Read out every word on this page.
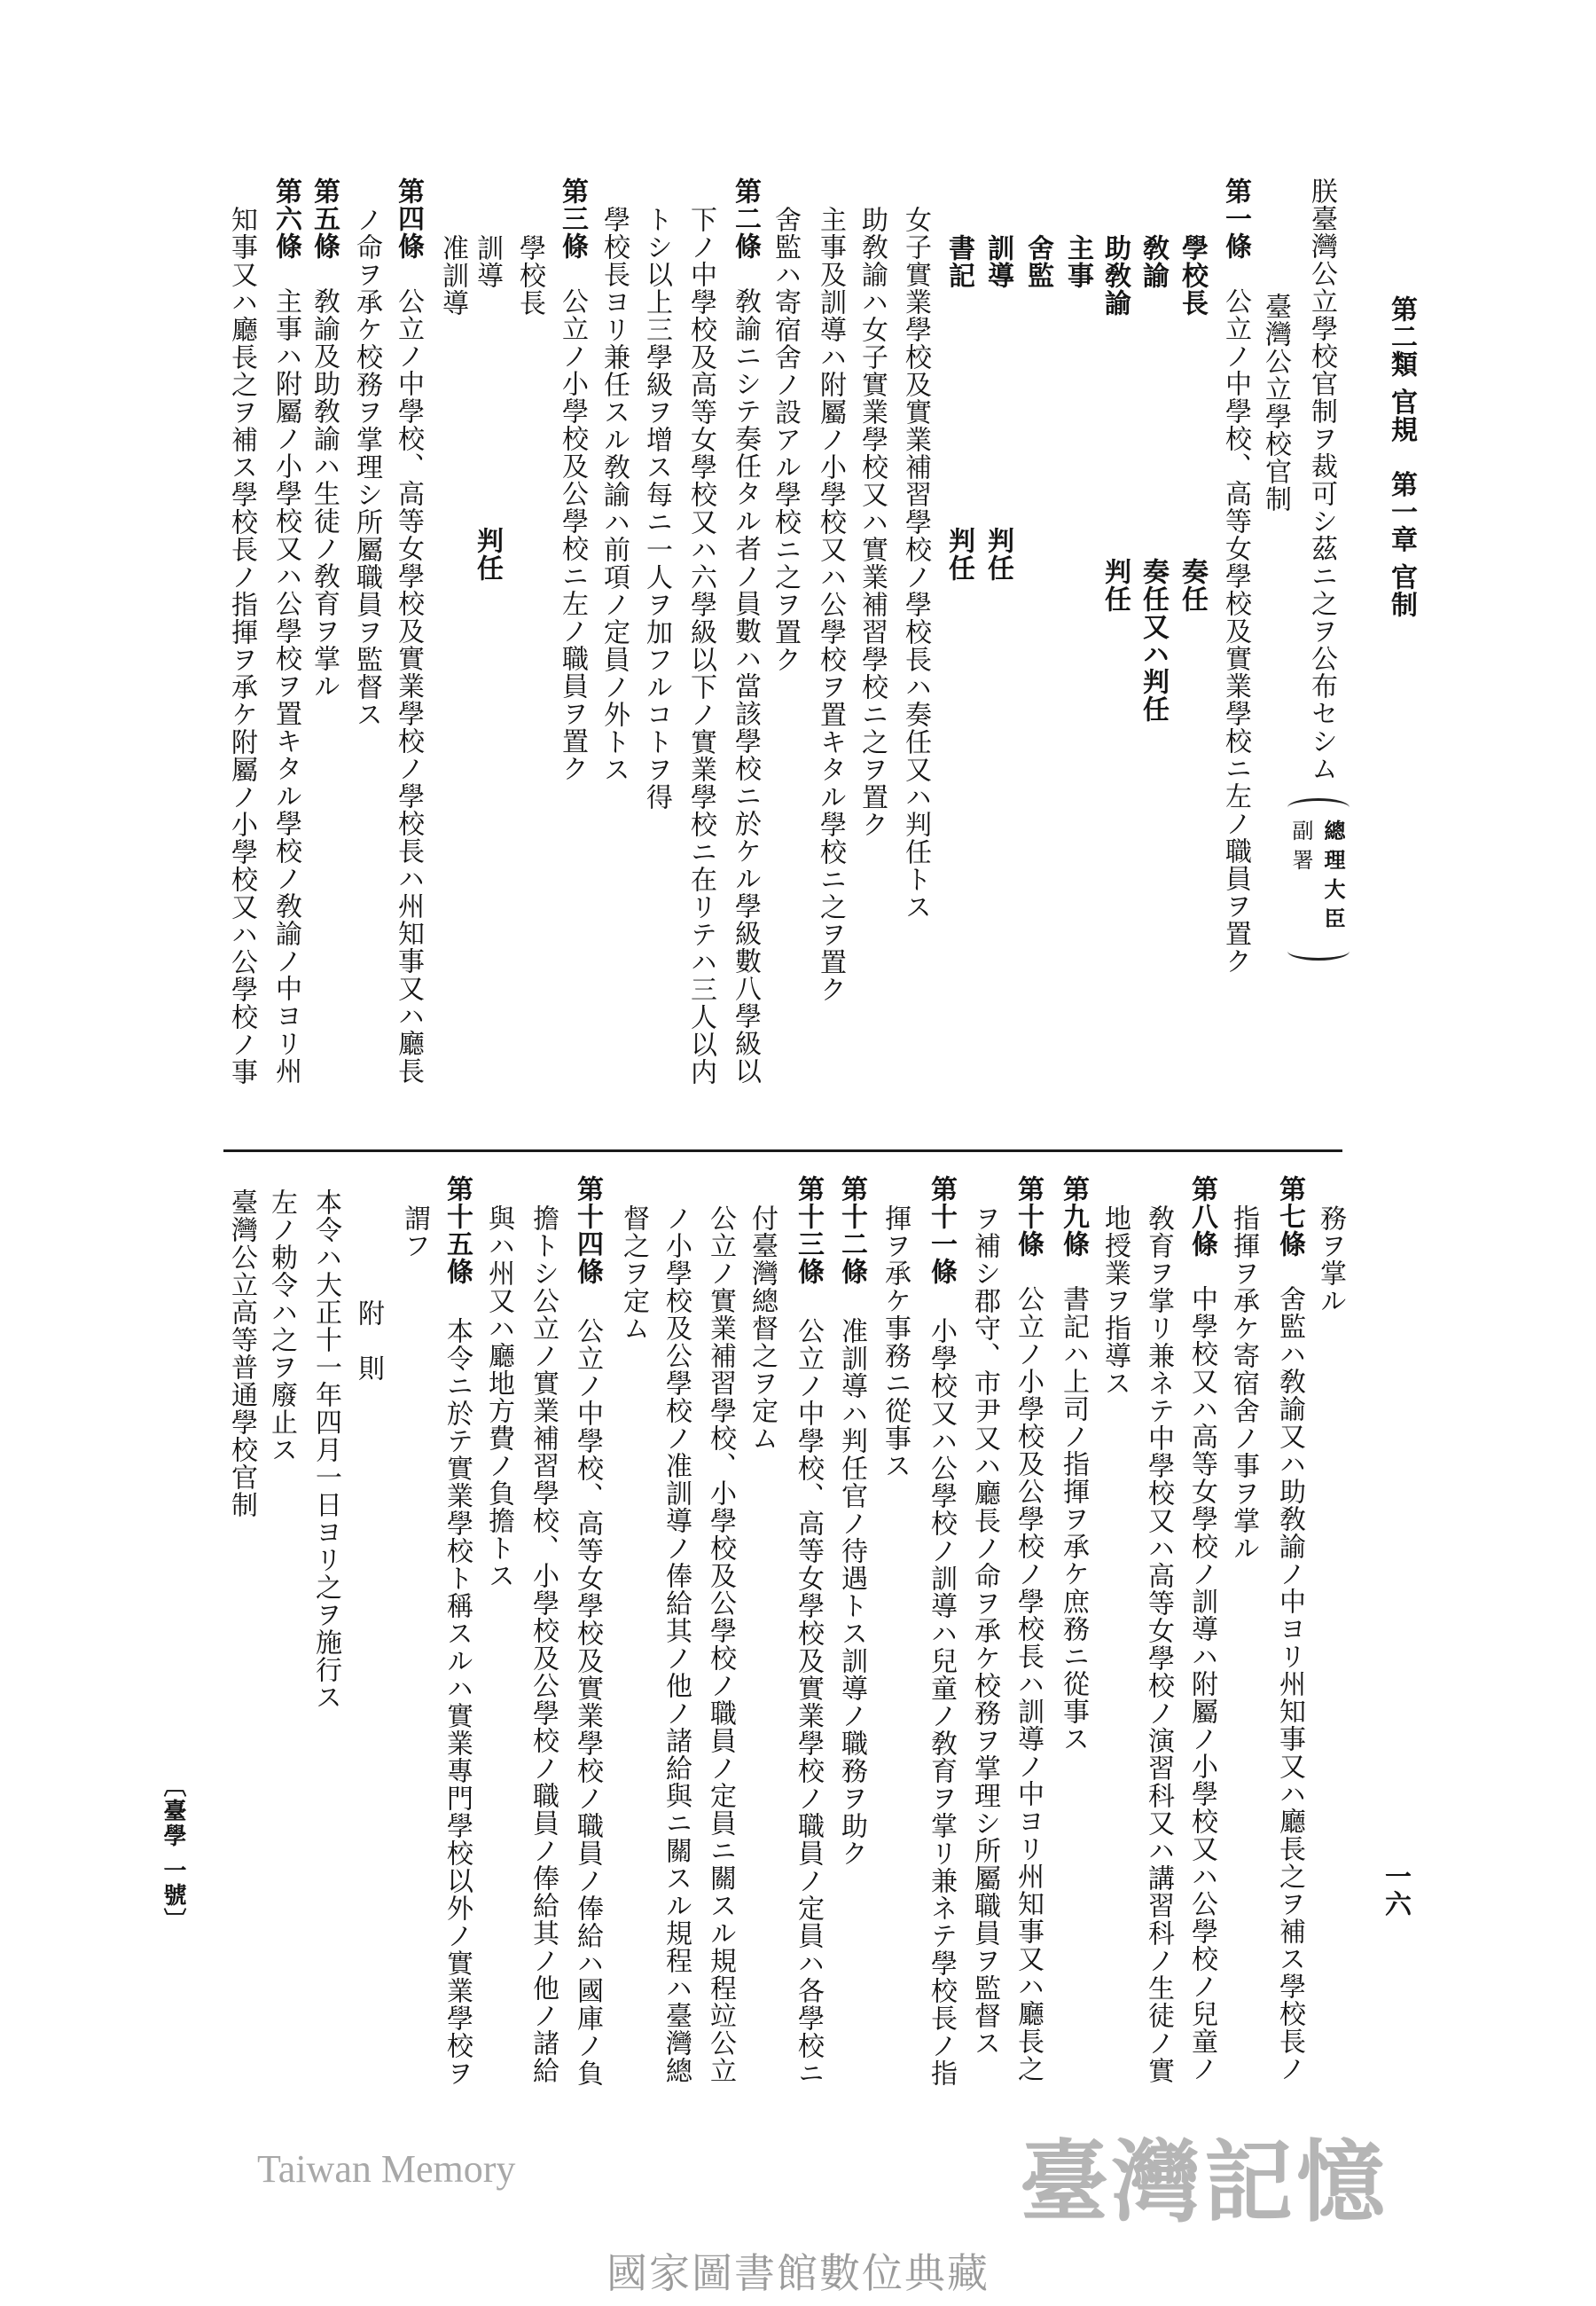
第二類 官規　第一章 官制
朕臺灣公立學校官制ヲ裁可シ茲ニ之ヲ公布セシム
總理大臣
副署
臺灣公立學校官制
第一條
公立ノ中學校、高等女學校及實業學校ニ左ノ職員ヲ置ク
學校長
奏任
敎諭
奏任又ハ判任
助敎諭
判任
主事
舍監
訓導
判任
書記
判任
女子實業學校及實業補習學校ノ學校長ハ奏任又ハ判任トス
助敎諭ハ女子實業學校又ハ實業補習學校ニ之ヲ置ク
主事及訓導ハ附屬ノ小學校又ハ公學校ヲ置キタル學校ニ之ヲ置ク
舍監ハ寄宿舍ノ設アル學校ニ之ヲ置ク
第二條
敎諭ニシテ奏任タル者ノ員數ハ當該學校ニ於ケル學級數八學級以
下ノ中學校及高等女學校又ハ六學級以下ノ實業學校ニ在リテハ三人以内
トシ以上三學級ヲ增ス每ニ一人ヲ加フルコトヲ得
學校長ヨリ兼任スル敎諭ハ前項ノ定員ノ外トス
第三條
公立ノ小學校及公學校ニ左ノ職員ヲ置ク
學校長
訓導
判任
准訓導
第四條
公立ノ中學校、高等女學校及實業學校ノ學校長ハ州知事又ハ廳長
ノ命ヲ承ケ校務ヲ掌理シ所屬職員ヲ監督ス
第五條
敎諭及助敎諭ハ生徒ノ敎育ヲ掌ル
第六條
主事ハ附屬ノ小學校又ハ公學校ヲ置キタル學校ノ敎諭ノ中ヨリ州
知事又ハ廳長之ヲ補ス學校長ノ指揮ヲ承ケ附屬ノ小學校又ハ公學校ノ事
務ヲ掌ル
第七條
舍監ハ敎諭又ハ助敎諭ノ中ヨリ州知事又ハ廳長之ヲ補ス學校長ノ
指揮ヲ承ケ寄宿舍ノ事ヲ掌ル
第八條
中學校又ハ高等女學校ノ訓導ハ附屬ノ小學校又ハ公學校ノ兒童ノ
敎育ヲ掌リ兼ネテ中學校又ハ高等女學校ノ演習科又ハ講習科ノ生徒ノ實
地授業ヲ指導ス
第九條
書記ハ上司ノ指揮ヲ承ケ庶務ニ從事ス
第十條
公立ノ小學校及公學校ノ學校長ハ訓導ノ中ヨリ州知事又ハ廳長之
ヲ補シ郡守、市尹又ハ廳長ノ命ヲ承ケ校務ヲ掌理シ所屬職員ヲ監督ス
第十一條
小學校又ハ公學校ノ訓導ハ兒童ノ敎育ヲ掌リ兼ネテ學校長ノ指
揮ヲ承ケ事務ニ從事ス
第十二條
准訓導ハ判任官ノ待遇トス訓導ノ職務ヲ助ク
第十三條
公立ノ中學校、高等女學校及實業學校ノ職員ノ定員ハ各學校ニ
付臺灣總督之ヲ定ム
公立ノ實業補習學校、小學校及公學校ノ職員ノ定員ニ關スル規程竝公立
ノ小學校及公學校ノ准訓導ノ俸給其ノ他ノ諸給與ニ關スル規程ハ臺灣總
督之ヲ定ム
第十四條
公立ノ中學校、高等女學校及實業學校ノ職員ノ俸給ハ國庫ノ負
擔トシ公立ノ實業補習學校、小學校及公學校ノ職員ノ俸給其ノ他ノ諸給
與ハ州又ハ廳地方費ノ負擔トス
第十五條
本令ニ於テ實業學校ト稱スルハ實業專門學校以外ノ實業學校ヲ
謂フ
附　則
本令ハ大正十一年四月一日ヨリ之ヲ施行ス
左ノ勅令ハ之ヲ廢止ス
臺灣公立高等普通學校官制
一六
〔臺學 一號〕
臺灣記憶
Taiwan Memory
國家圖書館數位典藏
